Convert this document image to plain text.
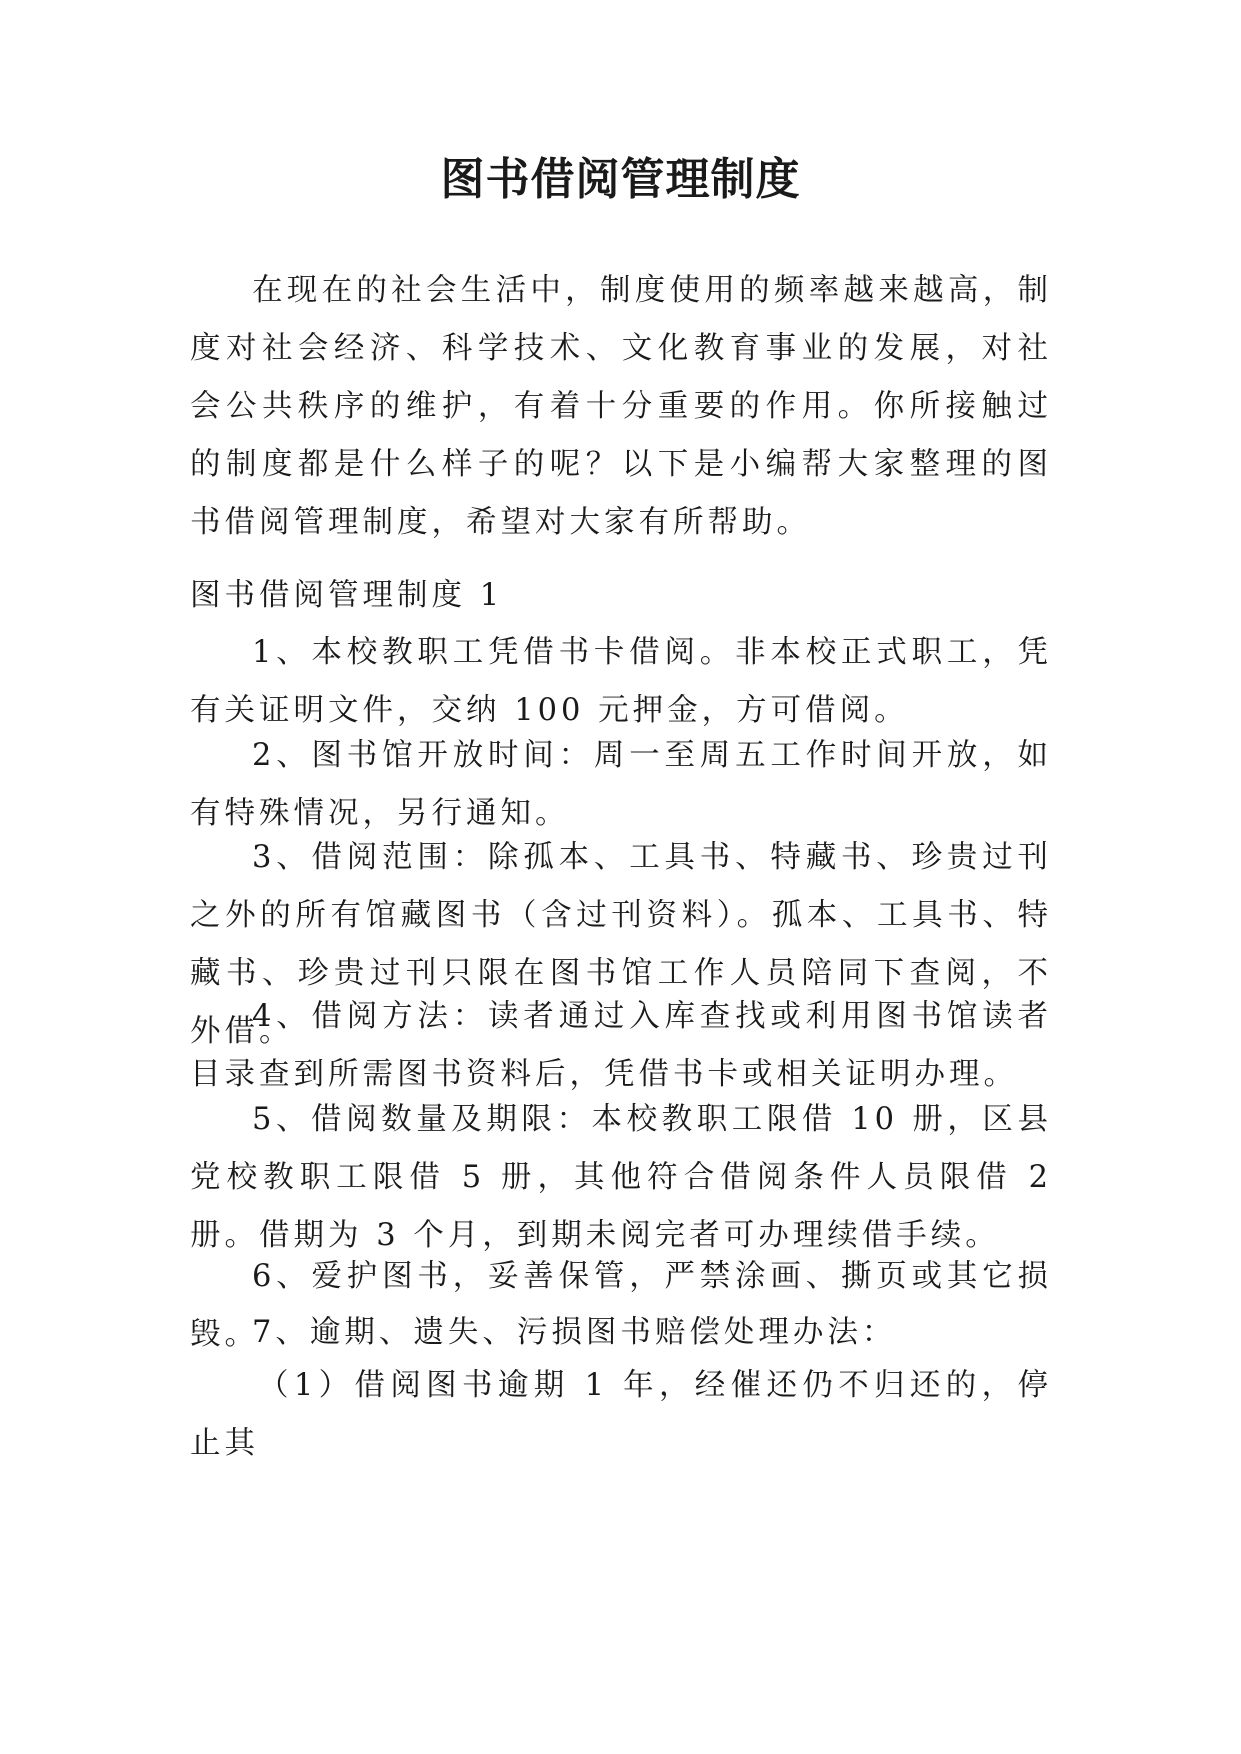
图书借阅管理制度

在现在的社会生活中，制度使用的频率越来越高，制度对社会经济、科学技术、文化教育事业的发展，对社会公共秩序的维护，有着十分重要的作用。你所接触过的制度都是什么样子的呢？以下是小编帮大家整理的图书借阅管理制度，希望对大家有所帮助。

图书借阅管理制度 1

1、本校教职工凭借书卡借阅。非本校正式职工，凭有关证明文件，交纳 100 元押金，方可借阅。

2、图书馆开放时间：周一至周五工作时间开放，如有特殊情况，另行通知。

3、借阅范围：除孤本、工具书、特藏书、珍贵过刊之外的所有馆藏图书（含过刊资料）。孤本、工具书、特藏书、珍贵过刊只限在图书馆工作人员陪同下查阅，不外借。

4、借阅方法：读者通过入库查找或利用图书馆读者目录查到所需图书资料后，凭借书卡或相关证明办理。

5、借阅数量及期限：本校教职工限借 10 册，区县党校教职工限借 5 册，其他符合借阅条件人员限借 2 册。借期为 3 个月，到期未阅完者可办理续借手续。

6、爱护图书，妥善保管，严禁涂画、撕页或其它损毁。

7、逾期、遗失、污损图书赔偿处理办法：

（1）借阅图书逾期 1 年，经催还仍不归还的，停止其
